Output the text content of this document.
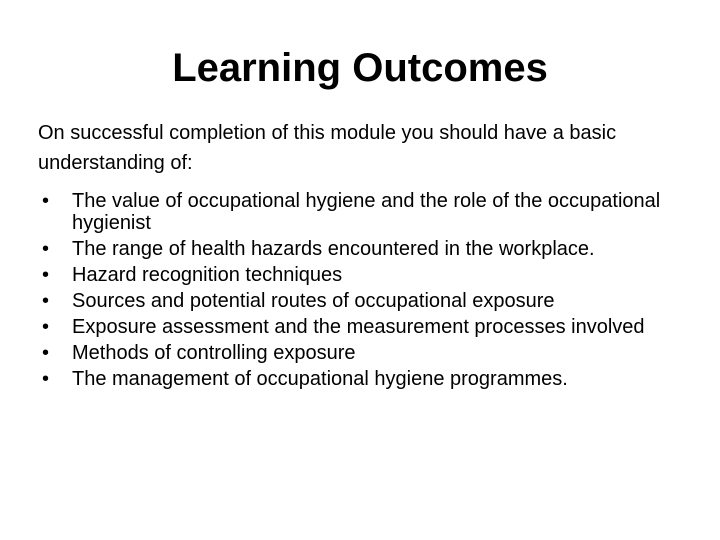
Learning Outcomes

On successful completion of this module you should have a basic understanding of:

•	The value of occupational hygiene and the role of the occupational hygienist
•	The range of health hazards encountered in the workplace.
•	Hazard recognition techniques
•	Sources and potential routes of occupational exposure
•	Exposure assessment and the measurement processes involved
•	Methods of controlling exposure
•	The management of occupational hygiene programmes.
